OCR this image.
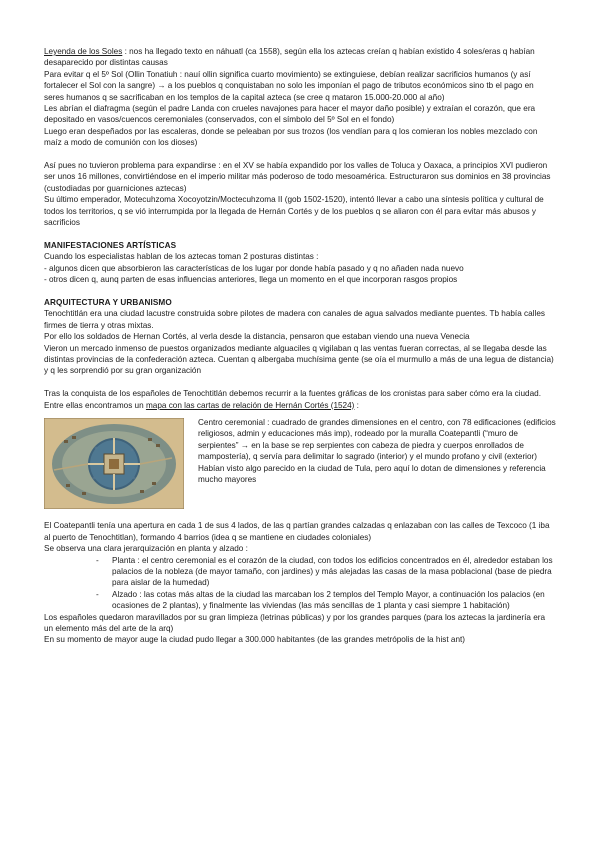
Leyenda de los Soles : nos ha llegado texto en náhuatl (ca 1558), según ella los aztecas creían q habían existido 4 soles/eras q habían desaparecido por distintas causas

Para evitar q el 5º Sol (Ollin Tonatiuh : nauí ollin significa cuarto movimiento) se extinguiese, debían realizar sacrificios humanos (y así fortalecer el Sol con la sangre) → a los pueblos q conquistaban no solo les imponían el pago de tributos económicos sino tb el pago en seres humanos q se sacrificaban en los templos de la capital azteca (se cree q mataron 15.000-20.000 al año)

Les abrían el diafragma (según el padre Landa con crueles navajones para hacer el mayor daño posible) y extraían el corazón, que era depositado en vasos/cuencos ceremoniales (conservados, con el símbolo del 5º Sol en el fondo)

Luego eran despeñados por las escaleras, donde se peleaban por sus trozos (los vendían para q los comieran los nobles mezclado con maíz a modo de comunión con los dioses)

Así pues no tuvieron problema para expandirse : en el XV se había expandido por los valles de Toluca y Oaxaca, a principios XVI pudieron ser unos 16 millones, convirtiéndose en el imperio militar más poderoso de todo mesoamérica. Estructuraron sus dominios en 38 provincias (custodiadas por guarniciones aztecas)

Su último emperador, Motecuhzoma Xocoyotzin/Moctecuhzoma II (gob 1502-1520), intentó llevar a cabo una síntesis política y cultural de todos los territorios, q se vió interrumpida por la llegada de Hernán Cortés y de los pueblos q se aliaron con él para evitar más abusos y sacrificios

MANIFESTACIONES ARTÍSTICAS

Cuando los especialistas hablan de los aztecas toman 2 posturas distintas :

- algunos dicen que absorbieron las características de los lugar por donde había pasado y q no añaden nada nuevo

- otros dicen q, aunq parten de esas influencias anteriores, llega un momento en el que incorporan rasgos propios

ARQUITECTURA Y URBANISMO

Tenochtitlán era una ciudad lacustre construida sobre pilotes de madera con canales de agua salvados mediante puentes. Tb había calles firmes de tierra y otras mixtas.

Por ello los soldados de Hernan Cortés, al verla desde la distancia, pensaron que estaban viendo una nueva Venecia

Vieron un mercado inmenso de puestos organizados mediante alguaciles q vigilaban q las ventas fueran correctas, al se llegaba desde las distintas provincias de la confederación azteca. Cuentan q albergaba muchísima gente (se oía el murmullo a más de una legua de distancia) y q les sorprendió por su gran organización

Tras la conquista de los españoles de Tenochtitlán debemos recurrir a la fuentes gráficas de los cronistas para saber cómo era la ciudad. Entre ellas encontramos un mapa con las cartas de relación de Hernán Cortés (1524) :

Centro ceremonial : cuadrado de grandes dimensiones en el centro, con 78 edificaciones (edificios religiosos, admin y educaciones más imp), rodeado por la muralla Coatepantli (“muro de serpientes” → en la base se rep serpientes con cabeza de piedra y cuerpos enrollados de mampostería), q servía para delimitar lo sagrado (interior) y el mundo profano y civil (exterior)

Habían visto algo parecido en la ciudad de Tula, pero aquí lo dotan de dimensiones y referencia mucho mayores

El Coatepantli tenía una apertura en cada 1 de sus 4 lados, de las q partían grandes calzadas q enlazaban con las calles de Texcoco (1 iba al puerto de Tenochtitlan), formando 4 barrios (idea q se mantiene en ciudades coloniales)

Se observa una clara jerarquización en planta y alzado :

- Planta : el centro ceremonial es el corazón de la ciudad, con todos los edificios concentrados en él, alrededor estaban los palacios de la nobleza (de mayor tamaño, con jardines) y más alejadas las casas de la masa poblacional (base de piedra para aislar de la humedad)
- Alzado : las cotas más altas de la ciudad las marcaban los 2 templos del Templo Mayor, a continuación los palacios (en ocasiones de 2 plantas), y finalmente las viviendas (las más sencillas de 1 planta y casi siempre 1 habitación)

Los españoles quedaron maravillados por su gran limpieza (letrinas públicas) y por los grandes parques (para los aztecas la jardinería era un elemento más del arte de la arq)

En su momento de mayor auge la ciudad pudo llegar a 300.000 habitantes (de las grandes metrópolis de la hist ant)
